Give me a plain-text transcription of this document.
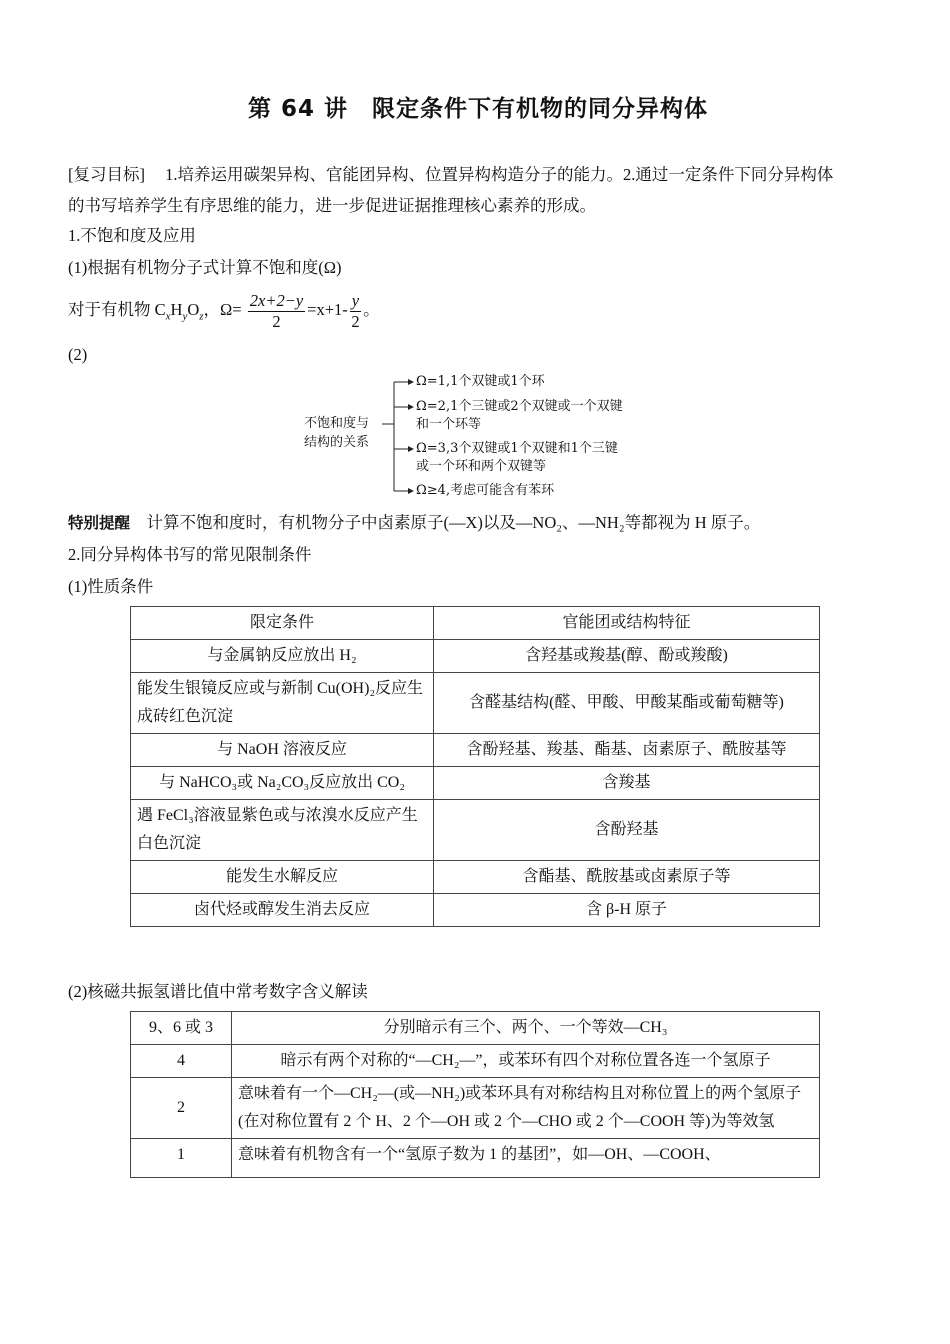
第 64 讲　限定条件下有机物的同分异构体
[复习目标] 1.培养运用碳架异构、官能团异构、位置异构构造分子的能力。2.通过一定条件下同分异构体
的书写培养学生有序思维的能力，进一步促进证据推理核心素养的形成。
1.不饱和度及应用
(1)根据有机物分子式计算不饱和度(Ω)
对于有机物 $C_xH_yO_z$，$\Omega= \frac{2x+2-y}{2} =x+1- \frac{y}{2}$ 。
(2)
不饱和度与
结构的关系
Ω=1,1个双键或1个环
Ω=2,1个三键或2个双键或一个双键
和一个环等
Ω=3,3个双键或1个双键和1个三键
或一个环和两个双键等
Ω≥4,考虑可能含有苯环
特别提醒　计算不饱和度时，有机物分子中卤素原子(—X)以及—NO₂、—NH₂等都视为 H 原子。
2.同分异构体书写的常见限制条件
(1)性质条件
限定条件	官能团或结构特征
与金属钠反应放出 H₂	含羟基或羧基(醇、酚或羧酸)
能发生银镜反应或与新制 Cu(OH)₂反应生成砖红色沉淀	含醛基结构(醛、甲酸、甲酸某酯或葡萄糖等)
与 NaOH 溶液反应	含酚羟基、羧基、酯基、卤素原子、酰胺基等
与 NaHCO₃或 Na₂CO₃反应放出 CO₂	含羧基
遇 FeCl₃溶液显紫色或与浓溴水反应产生白色沉淀	含酚羟基
能发生水解反应	含酯基、酰胺基或卤素原子等
卤代烃或醇发生消去反应	含 β-H 原子
(2)核磁共振氢谱比值中常考数字含义解读
9、6 或 3	分别暗示有三个、两个、一个等效—CH₃
4	暗示有两个对称的“—CH₂—”，或苯环有四个对称位置各连一个氢原子
2	意味着有一个—CH₂—(或—NH₂)或苯环具有对称结构且对称位置上的两个氢原子(在对称位置有 2 个 H、2 个—OH 或 2 个—CHO 或 2 个—COOH 等)为等效氢
1	意味着有机物含有一个“氢原子数为 1 的基团”，如—OH、—COOH、
